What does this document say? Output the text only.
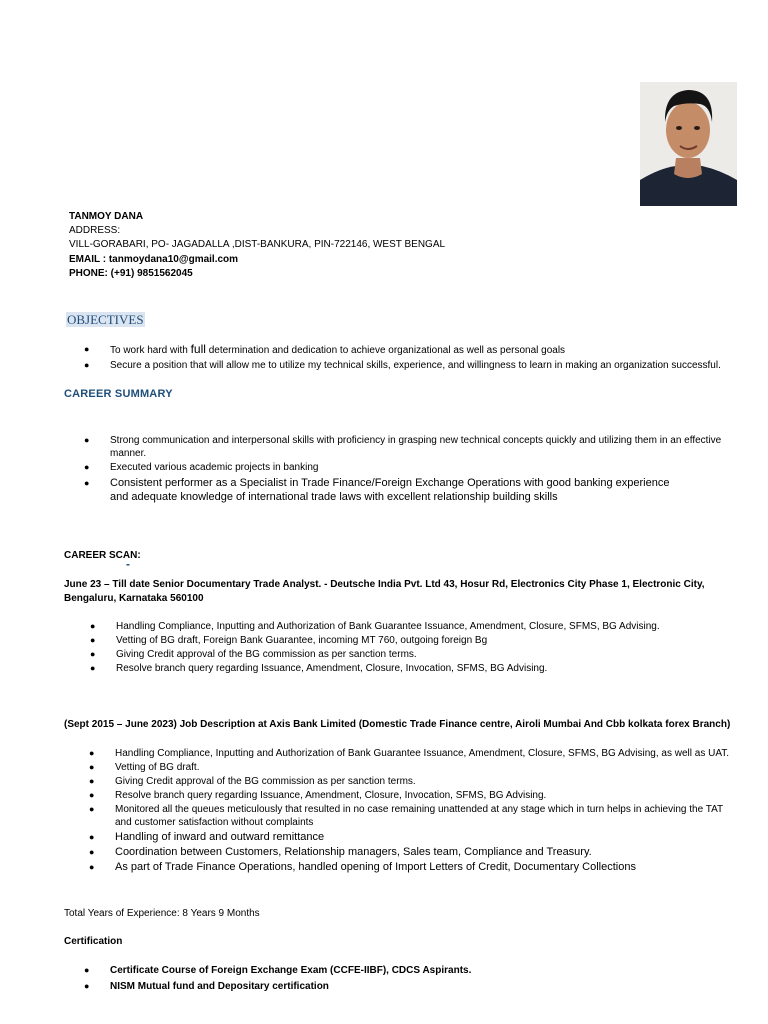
TANMOY DANA
ADDRESS:
VILL-GORABARI, PO- JAGADALLA ,DIST-BANKURA, PIN-722146, WEST BENGAL
EMAIL : tanmoydana10@gmail.com
PHONE: (+91) 9851562045
OBJECTIVES
● To work hard with full determination and dedication to achieve organizational as well as personal goals
● Secure a position that will allow me to utilize my technical skills, experience, and willingness to learn in making an organization successful.
CAREER SUMMARY
● Strong communication and interpersonal skills with proficiency in grasping new technical concepts quickly and utilizing them in an effective manner.
● Executed various academic projects in banking
● Consistent performer as a Specialist in Trade Finance/Foreign Exchange Operations with good banking experience and adequate knowledge of international trade laws with excellent relationship building skills
CAREER SCAN:
-
June 23 – Till date Senior Documentary Trade Analyst. - Deutsche India Pvt. Ltd 43, Hosur Rd, Electronics City Phase 1, Electronic City, Bengaluru, Karnataka 560100
● Handling Compliance, Inputting and Authorization of Bank Guarantee Issuance, Amendment, Closure, SFMS, BG Advising.
● Vetting of BG draft, Foreign Bank Guarantee, incoming MT 760, outgoing foreign Bg
● Giving Credit approval of the BG commission as per sanction terms.
● Resolve branch query regarding Issuance, Amendment, Closure, Invocation, SFMS, BG Advising.
(Sept 2015 – June 2023) Job Description at Axis Bank Limited (Domestic Trade Finance centre, Airoli Mumbai And Cbb kolkata forex Branch)
● Handling Compliance, Inputting and Authorization of Bank Guarantee Issuance, Amendment, Closure, SFMS, BG Advising, as well as UAT.
● Vetting of BG draft.
● Giving Credit approval of the BG commission as per sanction terms.
● Resolve branch query regarding Issuance, Amendment, Closure, Invocation, SFMS, BG Advising.
● Monitored all the queues meticulously that resulted in no case remaining unattended at any stage which in turn helps in achieving the TAT and customer satisfaction without complaints
● Handling of inward and outward remittance
● Coordination between Customers, Relationship managers, Sales team, Compliance and Treasury.
● As part of Trade Finance Operations, handled opening of Import Letters of Credit, Documentary Collections
Total Years of Experience: 8 Years 9 Months
Certification
● Certificate Course of Foreign Exchange Exam (CCFE-IIBF), CDCS Aspirants.
● NISM Mutual fund and Depositary certification
